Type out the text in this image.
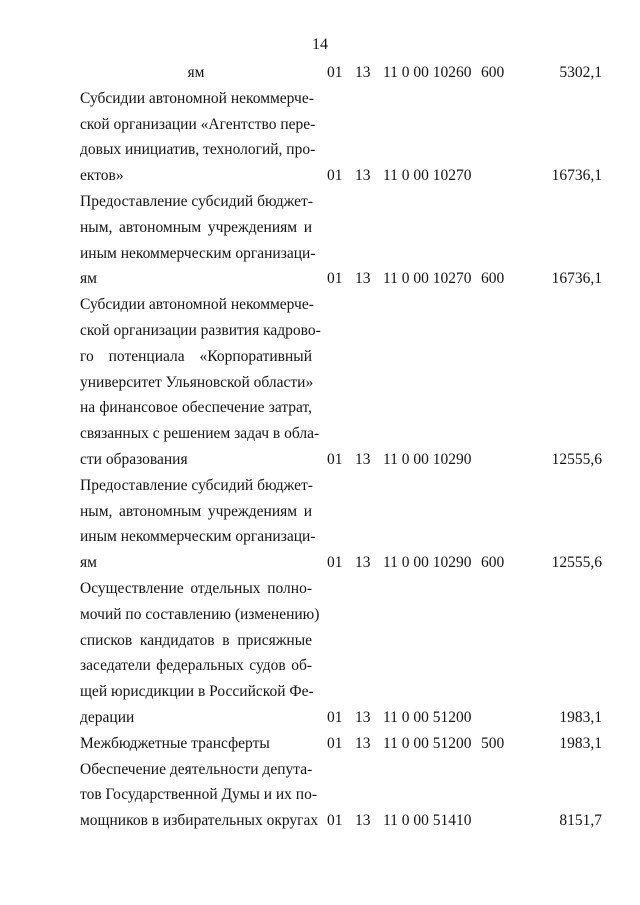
14
ям	01 13 11 0 00 10260 600	5302,1
Субсидии автономной некоммерче-
ской организации «Агентство пере-
довых инициатив, технологий, про-
ектов»	01 13 11 0 00 10270	16736,1
Предоставление субсидий бюджет-
ным, автономным учреждениям и
иным некоммерческим организаци-
ям	01 13 11 0 00 10270 600	16736,1
Субсидии автономной некоммерче-
ской организации развития кадрово-
го потенциала «Корпоративный
университет Ульяновской области»
на финансовое обеспечение затрат,
связанных с решением задач в обла-
сти образования	01 13 11 0 00 10290	12555,6
Предоставление субсидий бюджет-
ным, автономным учреждениям и
иным некоммерческим организаци-
ям	01 13 11 0 00 10290 600	12555,6
Осуществление отдельных полно-
мочий по составлению (изменению)
списков кандидатов в присяжные
заседатели федеральных судов об-
щей юрисдикции в Российской Фе-
дерации	01 13 11 0 00 51200	1983,1
Межбюджетные трансферты	01 13 11 0 00 51200 500	1983,1
Обеспечение деятельности депута-
тов Государственной Думы и их по-
мощников в избирательных округах 01 13 11 0 00 51410	8151,7
